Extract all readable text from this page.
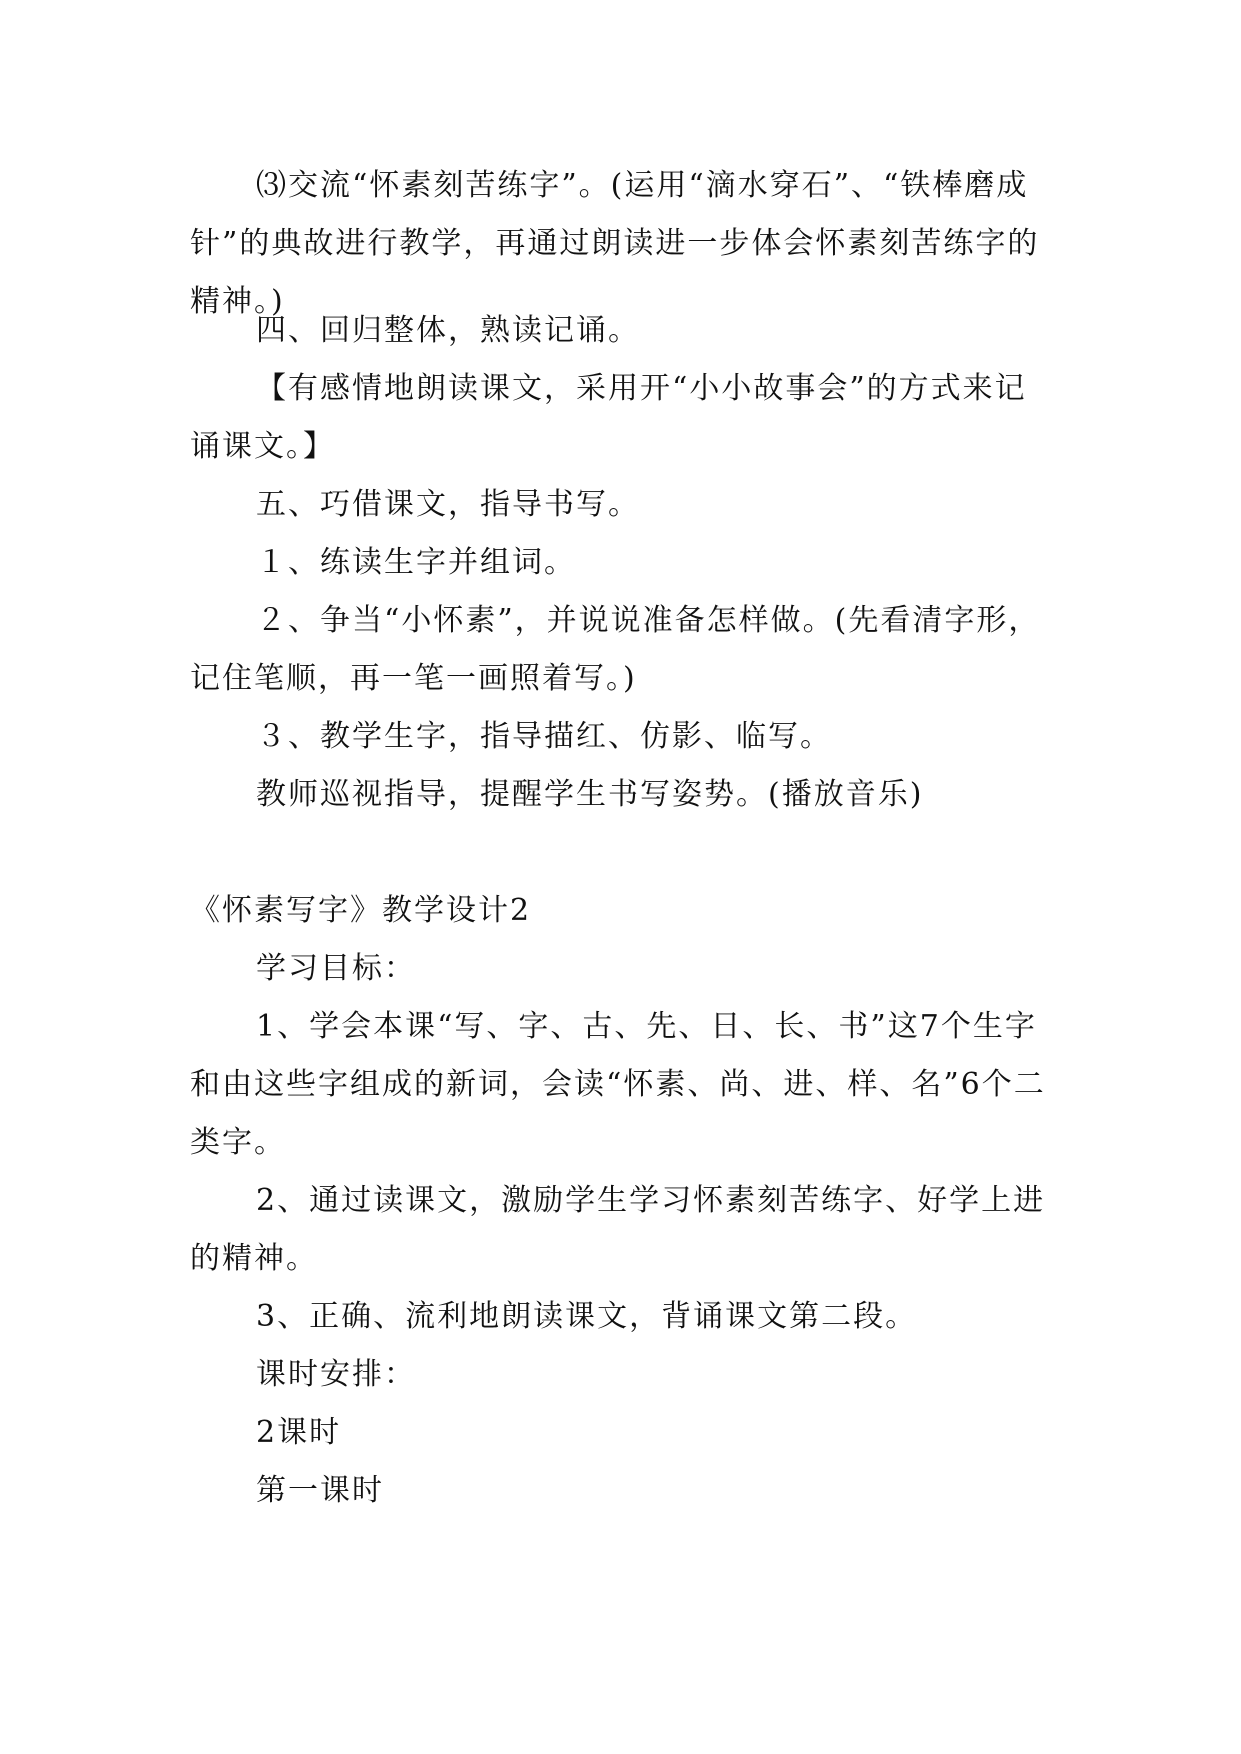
⑶交流“怀素刻苦练字”。(运用“滴水穿石”、“铁棒磨成针”的典故进行教学，再通过朗读进一步体会怀素刻苦练字的精神。)

四、回归整体，熟读记诵。

【有感情地朗读课文，采用开“小小故事会”的方式来记诵课文。】

五、巧借课文，指导书写。

１、练读生字并组词。

２、争当“小怀素”，并说说准备怎样做。(先看清字形，记住笔顺，再一笔一画照着写。)

３、教学生字，指导描红、仿影、临写。

教师巡视指导，提醒学生书写姿势。(播放音乐)

《怀素写字》教学设计2

学习目标：

1、学会本课“写、字、古、先、日、长、书”这7个生字和由这些字组成的新词，会读“怀素、尚、进、样、名”6个二类字。

2、通过读课文，激励学生学习怀素刻苦练字、好学上进的精神。

3、正确、流利地朗读课文，背诵课文第二段。

课时安排：

2课时

第一课时
